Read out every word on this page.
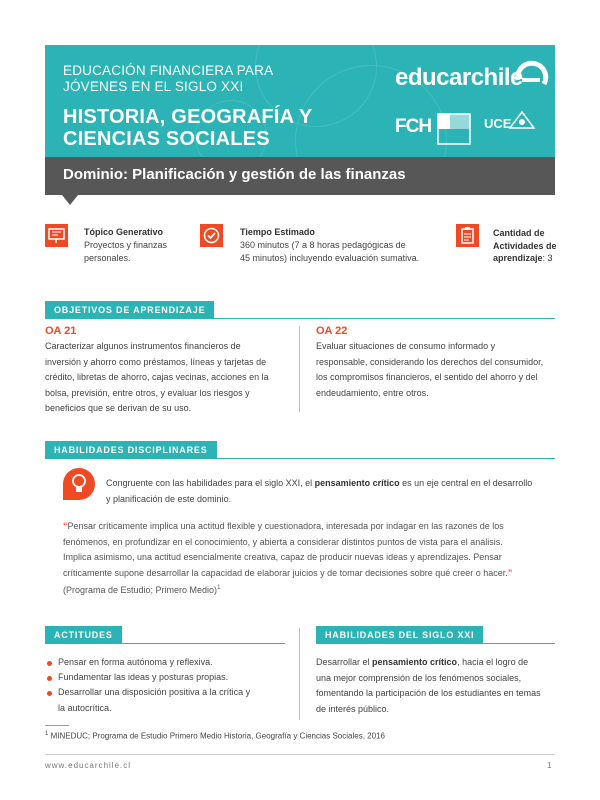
EDUCACIÓN FINANCIERA PARA
JÓVENES EN EL SIGLO XXI
HISTORIA, GEOGRAFÍA Y
CIENCIAS SOCIALES
educarchile
FCH	UCE
Dominio: Planificación y gestión de las finanzas
Tópico Generativo
Proyectos y finanzas
personales.
Tiempo Estimado
360 minutos (7 a 8 horas pedagógicas de
45 minutos) incluyendo evaluación sumativa.
Cantidad de
Actividades de
aprendizaje: 3
OBJETIVOS DE APRENDIZAJE
OA 21
Caracterizar algunos instrumentos financieros de
inversión y ahorro como préstamos, líneas y tarjetas de
crédito, libretas de ahorro, cajas vecinas, acciones en la
bolsa, previsión, entre otros, y evaluar los riesgos y
beneficios que se derivan de su uso.
OA 22
Evaluar situaciones de consumo informado y
responsable, considerando los derechos del consumidor,
los compromisos financieros, el sentido del ahorro y del
endeudamiento, entre otros.
HABILIDADES DISCIPLINARES
Congruente con las habilidades para el siglo XXI, el pensamiento crítico es un eje central en el desarrollo
y planificación de este dominio.
“Pensar críticamente implica una actitud flexible y cuestionadora, interesada por indagar en las razones de los
fenómenos, en profundizar en el conocimiento, y abierta a considerar distintos puntos de vista para el análisis.
Implica asimismo, una actitud esencialmente creativa, capaz de producir nuevas ideas y aprendizajes. Pensar
críticamente supone desarrollar la capacidad de elaborar juicios y de tomar decisiones sobre qué creer o hacer.”
(Programa de Estudio; Primero Medio)$^1$
ACTITUDES
Pensar en forma autónoma y reflexiva.
Fundamentar las ideas y posturas propias.
Desarrollar una disposición positiva a la crítica y
la autocrítica.
HABILIDADES DEL SIGLO XXI
Desarrollar el pensamiento crítico, hacia el logro de
una mejor comprensión de los fenómenos sociales,
fomentando la participación de los estudiantes en temas
de interés público.
$^1$ MINEDUC; Programa de Estudio Primero Medio Historia, Geografía y Ciencias Sociales, 2016
www.educarchile.cl	1
